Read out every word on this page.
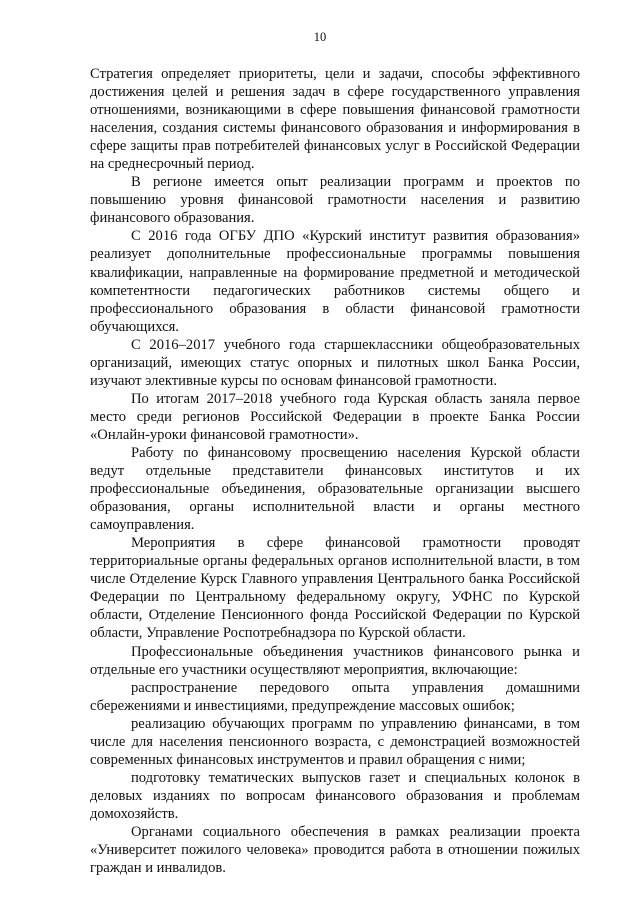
10

Стратегия определяет приоритеты, цели и задачи, способы эффективного достижения целей и решения задач в сфере государственного управления отношениями, возникающими в сфере повышения финансовой грамотности населения, создания системы финансового образования и информирования в сфере защиты прав потребителей финансовых услуг в Российской Федерации на среднесрочный период.

В регионе имеется опыт реализации программ и проектов по повышению уровня финансовой грамотности населения и развитию финансового образования.

С 2016 года ОГБУ ДПО «Курский институт развития образования» реализует дополнительные профессиональные программы повышения квалификации, направленные на формирование предметной и методической компетентности педагогических работников системы общего и профессионального образования в области финансовой грамотности обучающихся.

С 2016–2017 учебного года старшеклассники общеобразовательных организаций, имеющих статус опорных и пилотных школ Банка России, изучают элективные курсы по основам финансовой грамотности.

По итогам 2017–2018 учебного года Курская область заняла первое место среди регионов Российской Федерации в проекте Банка России «Онлайн-уроки финансовой грамотности».

Работу по финансовому просвещению населения Курской области ведут отдельные представители финансовых институтов и их профессиональные объединения, образовательные организации высшего образования, органы исполнительной власти и органы местного самоуправления.

Мероприятия в сфере финансовой грамотности проводят территориальные органы федеральных органов исполнительной власти, в том числе Отделение Курск Главного управления Центрального банка Российской Федерации по Центральному федеральному округу, УФНС по Курской области, Отделение Пенсионного фонда Российской Федерации по Курской области, Управление Роспотребнадзора по Курской области.

Профессиональные объединения участников финансового рынка и отдельные его участники осуществляют мероприятия, включающие:

распространение передового опыта управления домашними сбережениями и инвестициями, предупреждение массовых ошибок;

реализацию обучающих программ по управлению финансами, в том числе для населения пенсионного возраста, с демонстрацией возможностей современных финансовых инструментов и правил обращения с ними;

подготовку тематических выпусков газет и специальных колонок в деловых изданиях по вопросам финансового образования и проблемам домохозяйств.

Органами социального обеспечения в рамках реализации проекта «Университет пожилого человека» проводится работа в отношении пожилых граждан и инвалидов.
